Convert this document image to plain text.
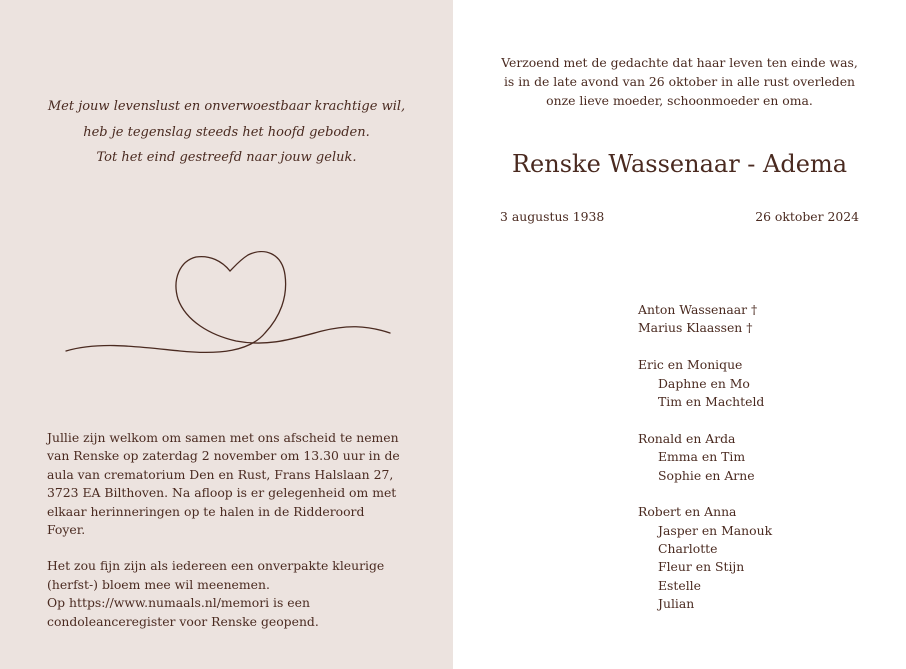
Met jouw levenslust en onverwoestbaar krachtige wil,
heb je tegenslag steeds het hoofd geboden.
Tot het eind gestreefd naar jouw geluk.

Jullie zijn welkom om samen met ons afscheid te nemen

van Renske op zaterdag 2 november om 13.30 uur in de

aula van crematorium Den en Rust, Frans Halslaan 27,

3723 EA Bilthoven. Na afloop is er gelegenheid om met

elkaar herinneringen op te halen in de Ridderoord Foyer.

Het zou fijn zijn als iedereen een onverpakte kleurige

(herfst-) bloem mee wil meenemen.

Op https://www.numaals.nl/memori is een

condoleanceregister voor Renske geopend.

Verzoend met de gedachte dat haar leven ten einde was,
is in de late avond van 26 oktober in alle rust overleden
onze lieve moeder, schoonmoeder en oma.
Renske Wassenaar - Adema
3 augustus 1938	26 oktober 2024
Anton Wassenaar †
Marius Klaassen †
Eric en Monique
Daphne en Mo
Tim en Machteld
Ronald en Arda
Emma en Tim
Sophie en Arne
Robert en Anna
Jasper en Manouk
Charlotte
Fleur en Stijn
Estelle
Julian
